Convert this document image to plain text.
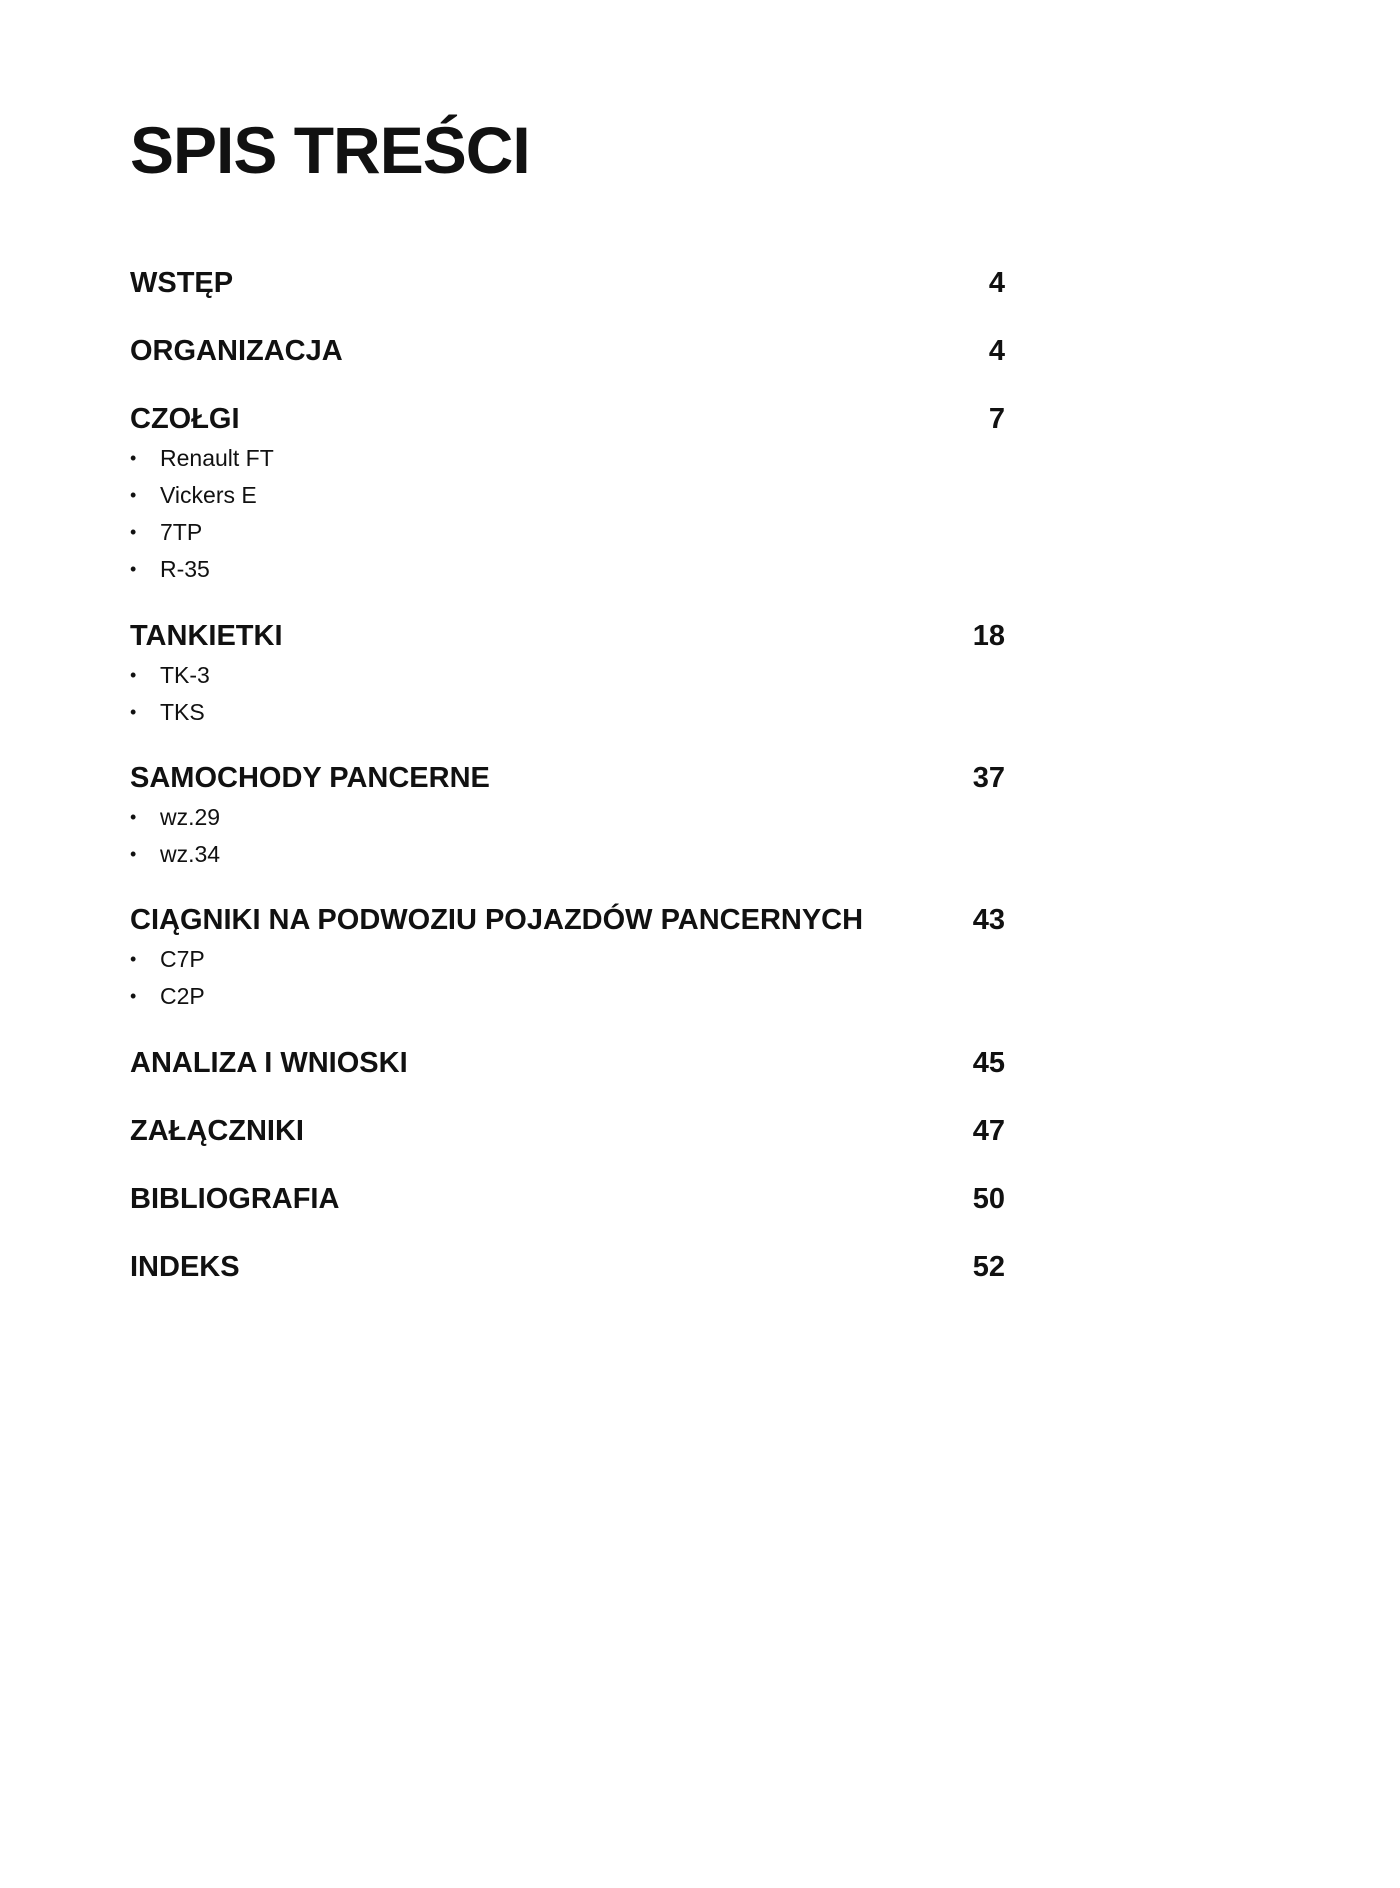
SPIS TREŚCI
WSTĘP	4
ORGANIZACJA	4
CZOŁGI	7
• Renault FT
• Vickers E
• 7TP
• R-35
TANKIETKI	18
• TK-3
• TKS
SAMOCHODY PANCERNE	37
• wz.29
• wz.34
CIĄGNIKI NA PODWOZIU POJAZDÓW PANCERNYCH	43
• C7P
• C2P
ANALIZA I WNIOSKI	45
ZAŁĄCZNIKI	47
BIBLIOGRAFIA	50
INDEKS	52
